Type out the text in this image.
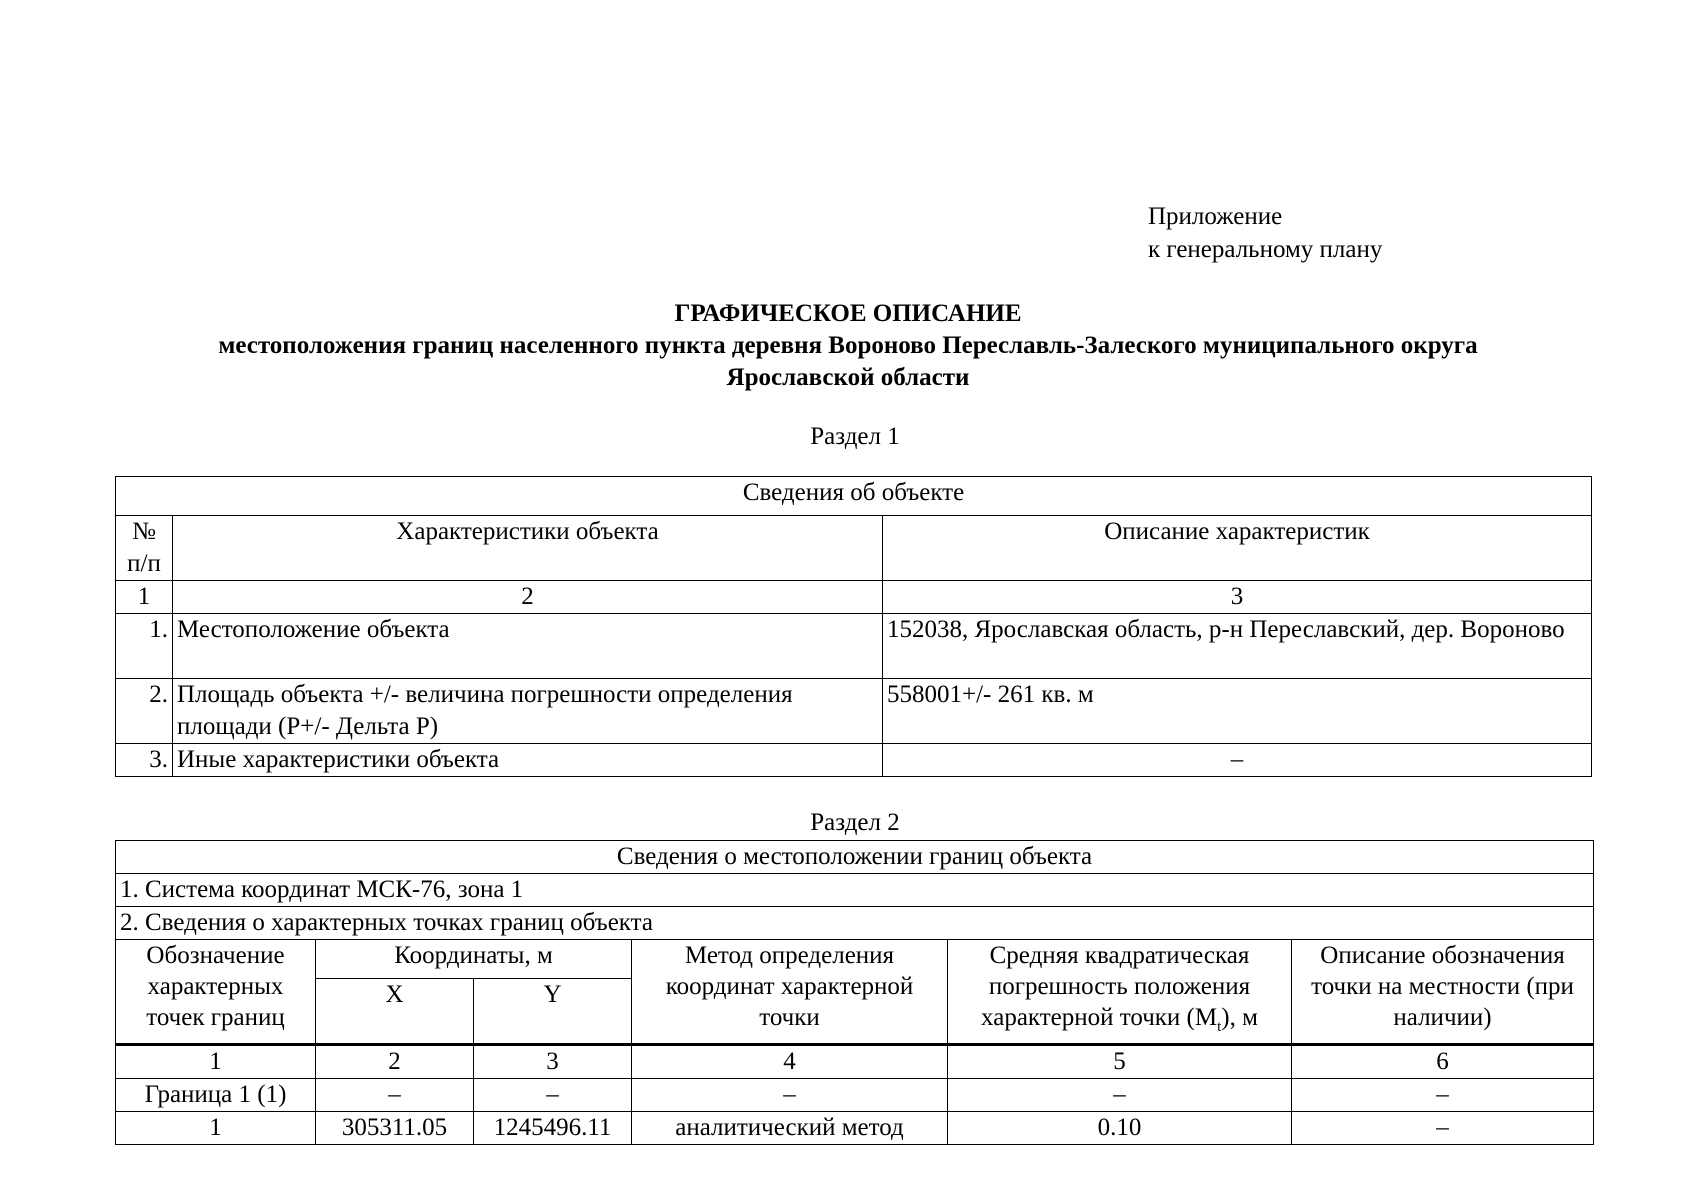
Приложение
к генеральному плану
ГРАФИЧЕСКОЕ ОПИСАНИЕ
местоположения границ населенного пункта деревня Вороново Переславль-Залеского муниципального округа
Ярославской области
Раздел 1
Сведения об объекте		
№ п/п	Характеристики объекта	Описание характеристик
1	2	3
1.	Местоположение объекта	152038, Ярославская область, р-н Переславский, дер. Вороново
2.	Площадь объекта +/- величина погрешности определения площади (P+/- Дельта P)	558001+/- 261 кв. м
3.	Иные характеристики объекта	–
Раздел 2
Сведения о местоположении границ объекта					
1. Система координат МСК-76, зона 1					
2. Сведения о характерных точках границ объекта					
Обозначение характерных точек границ	Координаты, м		Метод определения координат характерной точки	Средняя квадратическая погрешность положения характерной точки $(M_t)$, м	Описание обозначения точки на местности (при наличии)
	X	Y			
1	2	3	4	5	6
Граница 1 (1)	–	–	–	–	–
1	305311.05	1245496.11	аналитический метод	0.10	–
